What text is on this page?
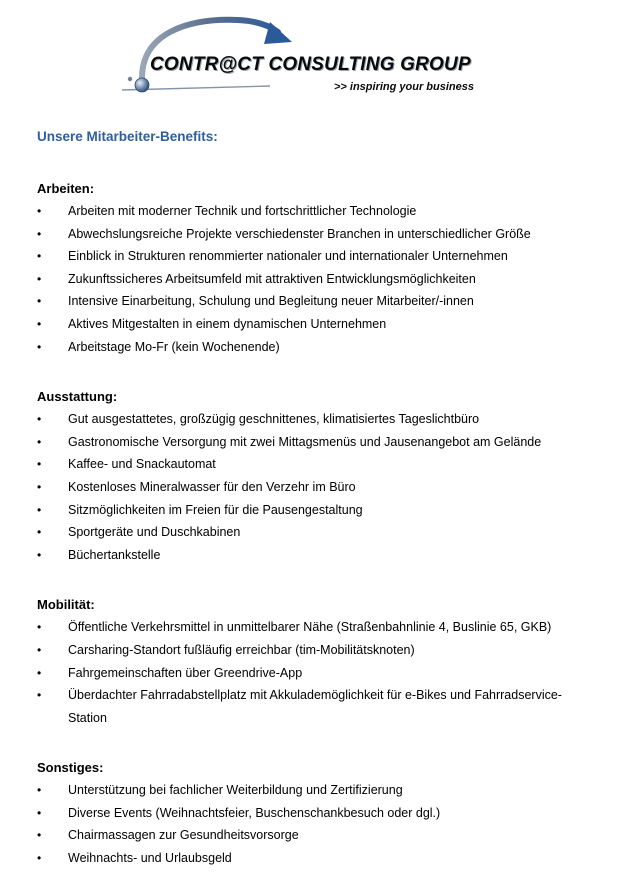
CONTR@CT CONSULTING GROUP
>> inspiring your business
Unsere Mitarbeiter-Benefits:
Arbeiten:
•	Arbeiten mit moderner Technik und fortschrittlicher Technologie
•	Abwechslungsreiche Projekte verschiedenster Branchen in unterschiedlicher Größe
•	Einblick in Strukturen renommierter nationaler und internationaler Unternehmen
•	Zukunftssicheres Arbeitsumfeld mit attraktiven Entwicklungsmöglichkeiten
•	Intensive Einarbeitung, Schulung und Begleitung neuer Mitarbeiter/-innen
•	Aktives Mitgestalten in einem dynamischen Unternehmen
•	Arbeitstage Mo-Fr (kein Wochenende)
Ausstattung:
•	Gut ausgestattetes, großzügig geschnittenes, klimatisiertes Tageslichtbüro
•	Gastronomische Versorgung mit zwei Mittagsmenüs und Jausenangebot am Gelände
•	Kaffee- und Snackautomat
•	Kostenloses Mineralwasser für den Verzehr im Büro
•	Sitzmöglichkeiten im Freien für die Pausengestaltung
•	Sportgeräte und Duschkabinen
•	Büchertankstelle
Mobilität:
•	Öffentliche Verkehrsmittel in unmittelbarer Nähe (Straßenbahnlinie 4, Buslinie 65, GKB)
•	Carsharing-Standort fußläufig erreichbar (tim-Mobilitätsknoten)
•	Fahrgemeinschaften über Greendrive-App
•	Überdachter Fahrradabstellplatz mit Akkulademöglichkeit für e-Bikes und Fahrradservice-Station
Sonstiges:
•	Unterstützung bei fachlicher Weiterbildung und Zertifizierung
•	Diverse Events (Weihnachtsfeier, Buschenschankbesuch oder dgl.)
•	Chairmassagen zur Gesundheitsvorsorge
•	Weihnachts- und Urlaubsgeld
